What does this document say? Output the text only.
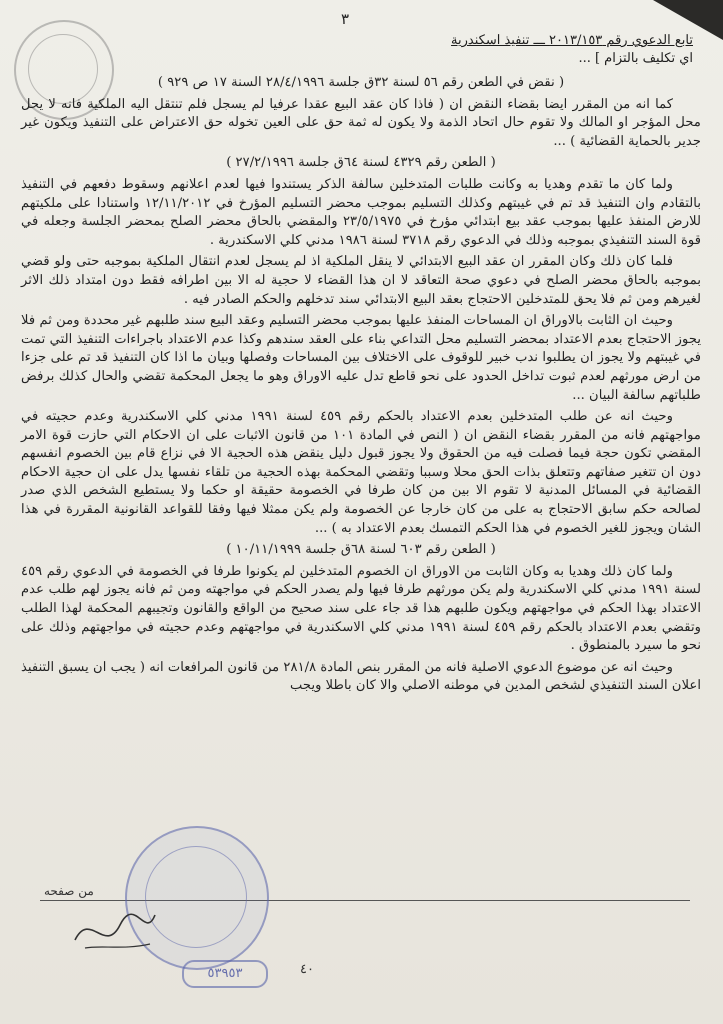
٣
تابع الدعوي رقم ٢٠١٣/١٥٣ ـــ تنفيذ اسكندرية
اي تكليف بالتزام ] ...

( نقض في الطعن رقم ٥٦ لسنة ٣٢ق جلسة ٢٨/٤/١٩٩٦ السنة ١٧ ص ٩٢٩ )

كما انه من المقرر ايضا بقضاء النقض ان ( فاذا كان عقد البيع عقدا عرفيا لم يسجل فلم تنتقل اليه الملكية فانه لا يحل محل المؤجر او المالك ولا تقوم حال اتحاد الذمة ولا يكون له ثمة حق على العين تخوله حق الاعتراض على التنفيذ ويكون غير جدير بالحماية القضائية ) ...

( الطعن رقم ٤٣٢٩ لسنة ٦٤ق جلسة ٢٧/٢/١٩٩٦ )

ولما كان ما تقدم وهديا به وكانت طلبات المتدخلين سالفة الذكر يستندوا فيها لعدم اعلانهم وسقوط دفعهم في التنفيذ بالتقادم وان التنفيذ قد تم في غيبتهم وكذلك التسليم بموجب محضر التسليم المؤرخ في ١٢/١١/٢٠١٢ واستنادا على ملكيتهم للارض المنفذ عليها بموجب عقد بيع ابتدائي مؤرخ في ٢٣/٥/١٩٧٥ والمقضي بالحاق محضر الصلح بمحضر الجلسة وجعله في قوة السند التنفيذي بموجبه وذلك في الدعوي رقم ٣٧١٨ لسنة ١٩٨٦ مدني كلي الاسكندرية .

فلما كان ذلك وكان المقرر ان عقد البيع الابتدائي لا ينقل الملكية اذ لم يسجل لعدم انتقال الملكية بموجبه حتى ولو قضي بموجبه بالحاق محضر الصلح في دعوي صحة التعاقد لا ان هذا القضاء لا حجية له الا بين اطرافه فقط دون امتداد ذلك الاثر لغيرهم ومن ثم فلا يحق للمتدخلين الاحتجاج بعقد البيع الابتدائي سند تدخلهم والحكم الصادر فيه .

وحيث ان الثابت بالاوراق ان المساحات المنفذ عليها بموجب محضر التسليم وعقد البيع سند طلبهم غير محددة ومن ثم فلا يجوز الاحتجاج بعدم الاعتداد بمحضر التسليم محل التداعي بناء على العقد سندهم وكذا عدم الاعتداد باجراءات التنفيذ التي تمت في غيبتهم ولا يجوز ان يطلبوا ندب خبير للوقوف على الاختلاف بين المساحات وفصلها وبيان ما اذا كان التنفيذ قد تم على جزءا من ارض مورثهم لعدم ثبوت تداخل الحدود على نحو قاطع تدل عليه الاوراق وهو ما يجعل المحكمة تقضي والحال كذلك برفض طلباتهم سالفة البيان ...

وحيث انه عن طلب المتدخلين بعدم الاعتداد بالحكم رقم ٤٥٩ لسنة ١٩٩١ مدني كلي الاسكندرية وعدم حجيته في مواجهتهم فانه من المقرر بقضاء النقض ان ( النص في المادة ١٠١ من قانون الاثبات على ان الاحكام التي حازت قوة الامر المقضي تكون حجة فيما فصلت فيه من الحقوق ولا يجوز قبول دليل ينقض هذه الحجية الا في نزاع قام بين الخصوم انفسهم دون ان تتغير صفاتهم وتتعلق بذات الحق محلا وسببا وتقضي المحكمة بهذه الحجية من تلقاء نفسها يدل على ان حجية الاحكام القضائية في المسائل المدنية لا تقوم الا بين من كان طرفا في الخصومة حقيقة او حكما ولا يستطيع الشخص الذي صدر لصالحه حكم سابق الاحتجاج به على من كان خارجا عن الخصومة ولم يكن ممثلا فيها وفقا للقواعد القانونية المقررة في هذا الشان ويجوز للغير الخصوم في هذا الحكم التمسك بعدم الاعتداد به ) ...

( الطعن رقم ٦٠٣ لسنة ٦٨ق جلسة ١٠/١١/١٩٩٩ )

ولما كان ذلك وهديا به وكان الثابت من الاوراق ان الخصوم المتدخلين لم يكونوا طرفا في الخصومة في الدعوي رقم ٤٥٩ لسنة ١٩٩١ مدني كلي الاسكندرية ولم يكن مورثهم طرفا فيها ولم يصدر الحكم في مواجهته ومن ثم فانه يجوز لهم طلب عدم الاعتداد بهذا الحكم في مواجهتهم ويكون طلبهم هذا قد جاء على سند صحيح من الواقع والقانون وتجيبهم المحكمة لهذا الطلب وتقضي بعدم الاعتداد بالحكم رقم ٤٥٩ لسنة ١٩٩١ مدني كلي الاسكندرية في مواجهتهم وعدم حجيته في مواجهتهم وذلك على نحو ما سيرد بالمنطوق .

وحيث انه عن موضوع الدعوي الاصلية فانه من المقرر بنص المادة ٢٨١/٨ من قانون المرافعات انه ( يجب ان يسبق التنفيذ اعلان السند التنفيذي لشخص المدين في موطنه الاصلي والا كان باطلا ويجب

من صفحه
٥٣٩٥٣	٤٠
